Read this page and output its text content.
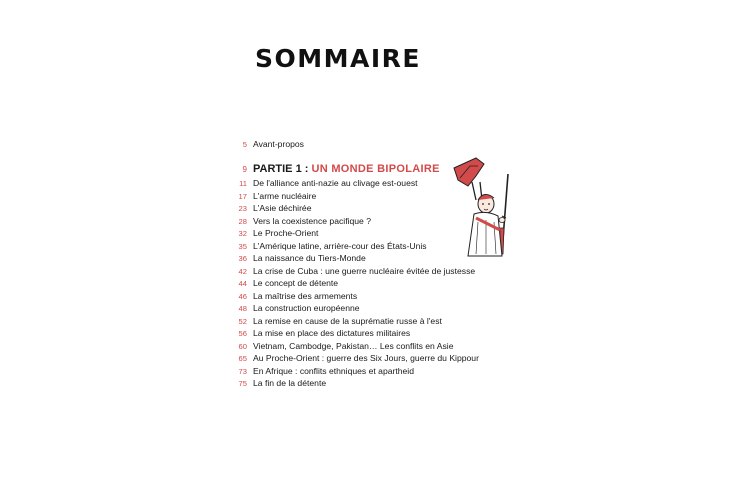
SOMMAIRE
5 Avant-propos
9 PARTIE 1 : UN MONDE BIPOLAIRE
11 De l'alliance anti-nazie au clivage est-ouest
17 L'arme nucléaire
23 L'Asie déchirée
28 Vers la coexistence pacifique ?
32 Le Proche-Orient
35 L'Amérique latine, arrière-cour des États-Unis
36 La naissance du Tiers-Monde
42 La crise de Cuba : une guerre nucléaire évitée de justesse
44 Le concept de détente
46 La maîtrise des armements
48 La construction européenne
52 La remise en cause de la suprématie russe à l'est
56 La mise en place des dictatures militaires
60 Vietnam, Cambodge, Pakistan… Les conflits en Asie
65 Au Proche-Orient : guerre des Six Jours, guerre du Kippour
73 En Afrique : conflits ethniques et apartheid
75 La fin de la détente
